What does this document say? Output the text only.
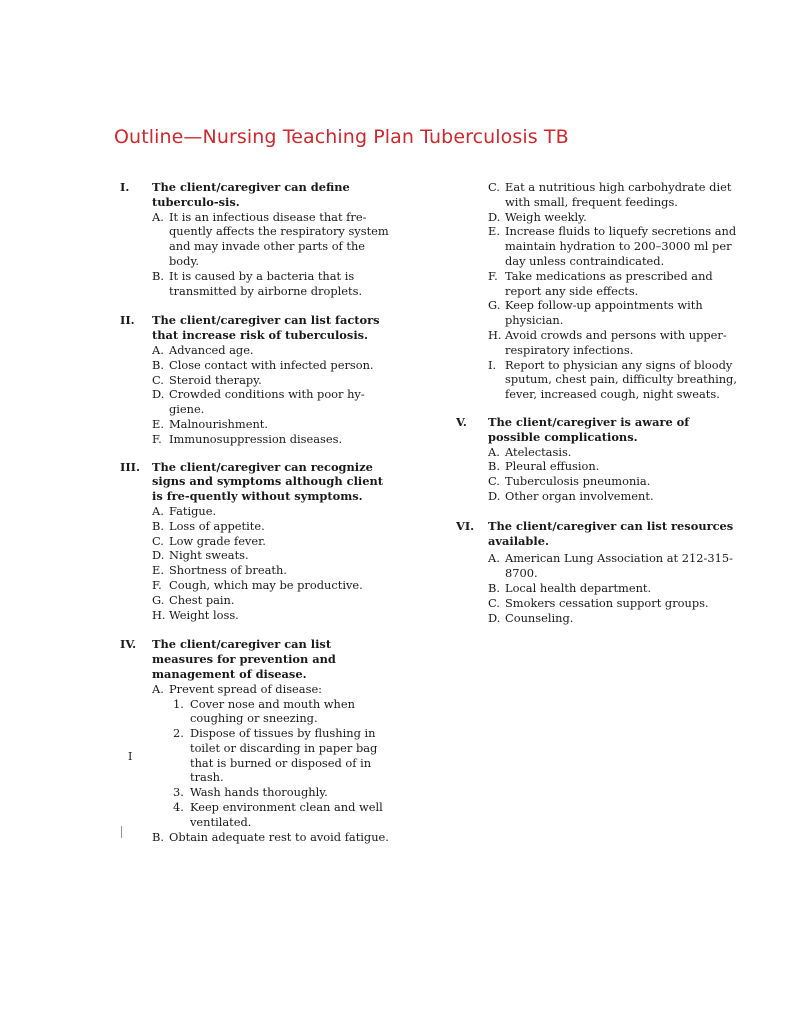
Outline—Nursing Teaching Plan Tuberculosis TB
I. The client/caregiver can define tuberculo-sis.
A. It is an infectious disease that fre-quently affects the respiratory system and may invade other parts of the body.
B. It is caused by a bacteria that is transmitted by airborne droplets.
II. The client/caregiver can list factors that increase risk of tuberculosis.
A. Advanced age.
B. Close contact with infected person.
C. Steroid therapy.
D. Crowded conditions with poor hy-giene.
E. Malnourishment.
F. Immunosuppression diseases.
III. The client/caregiver can recognize signs and symptoms although client is fre-quently without symptoms.
A. Fatigue.
B. Loss of appetite.
C. Low grade fever.
D. Night sweats.
E. Shortness of breath.
F. Cough, which may be productive.
G. Chest pain.
H. Weight loss.
IV. The client/caregiver can list measures for prevention and management of disease.
A. Prevent spread of disease:
1. Cover nose and mouth when coughing or sneezing.
2. Dispose of tissues by flushing in toilet or discarding in paper bag that is burned or disposed of in trash.
3. Wash hands thoroughly.
4. Keep environment clean and well ventilated.
B. Obtain adequate rest to avoid fatigue.
C. Eat a nutritious high carbohydrate diet with small, frequent feedings.
D. Weigh weekly.
E. Increase fluids to liquefy secretions and maintain hydration to 200–3000 ml per day unless contraindicated.
F. Take medications as prescribed and report any side effects.
G. Keep follow-up appointments with physician.
H. Avoid crowds and persons with upper-respiratory infections.
I. Report to physician any signs of bloody sputum, chest pain, difficulty breathing, fever, increased cough, night sweats.
V. The client/caregiver is aware of possible complications.
A. Atelectasis.
B. Pleural effusion.
C. Tuberculosis pneumonia.
D. Other organ involvement.
VI. The client/caregiver can list resources available.
A. American Lung Association at 212-315-8700.
B. Local health department.
C. Smokers cessation support groups.
D. Counseling.
I
